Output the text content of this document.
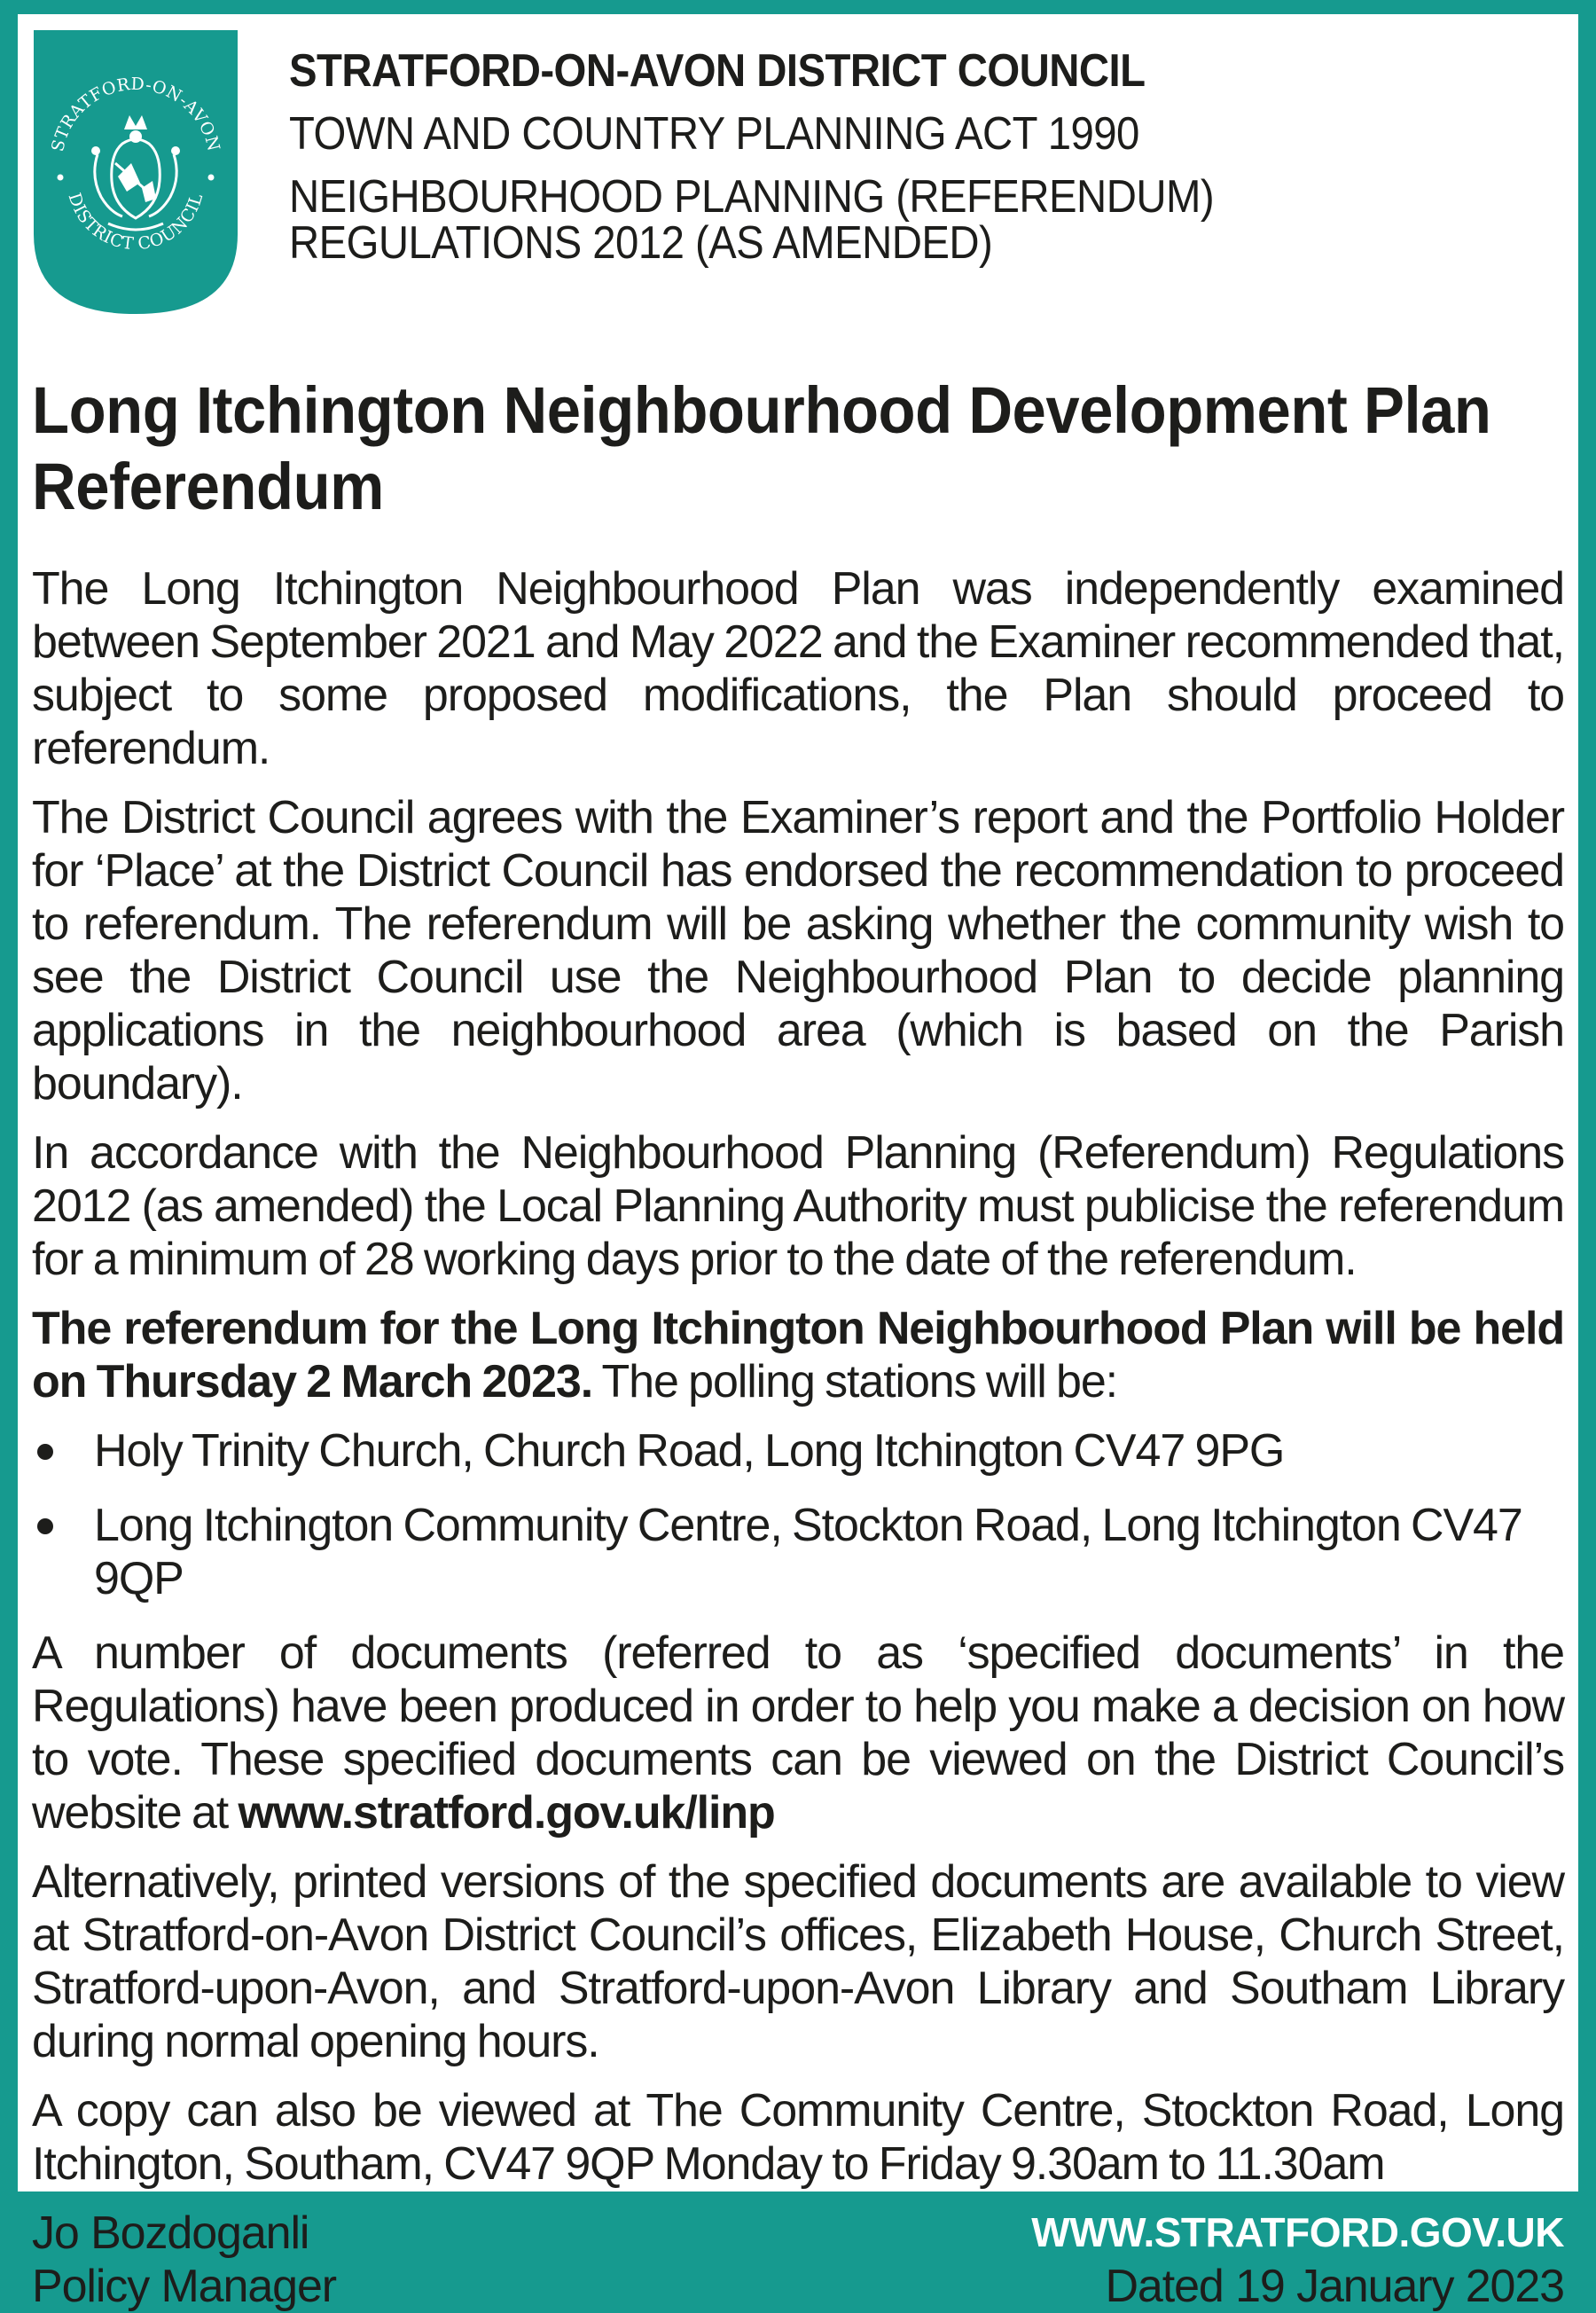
STRATFORD-ON-AVON
DISTRICT COUNCIL
STRATFORD-ON-AVON DISTRICT COUNCIL
TOWN AND COUNTRY PLANNING ACT 1990
NEIGHBOURHOOD PLANNING (REFERENDUM)
REGULATIONS 2012 (AS AMENDED)
Long Itchington Neighbourhood Development Plan Referendum

The Long Itchington Neighbourhood Plan was independently examined between September 2021 and May 2022 and the Examiner recommended that, subject to some proposed modifications, the Plan should proceed to referendum.

The District Council agrees with the Examiner’s report and the Portfolio Holder for ‘Place’ at the District Council has endorsed the recommendation to proceed to referendum. The referendum will be asking whether the community wish to see the District Council use the Neighbourhood Plan to decide planning applications in the neighbourhood area (which is based on the Parish boundary).

In accordance with the Neighbourhood Planning (Referendum) Regulations 2012 (as amended) the Local Planning Authority must publicise the referendum for a minimum of 28 working days prior to the date of the referendum.

The referendum for the Long Itchington Neighbourhood Plan will be held on Thursday 2 March 2023. The polling stations will be:

Holy Trinity Church, Church Road, Long Itchington CV47 9PG
Long Itchington Community Centre, Stockton Road, Long Itchington CV47 9QP

A number of documents (referred to as ‘specified documents’ in the Regulations) have been produced in order to help you make a decision on how to vote. These specified documents can be viewed on the District Council’s website at www.stratford.gov.uk/linp

Alternatively, printed versions of the specified documents are available to view at Stratford-on-Avon District Council’s offices, Elizabeth House, Church Street, Stratford-upon-Avon, and Stratford-upon-Avon Library and Southam Library during normal opening hours.

A copy can also be viewed at The Community Centre, Stockton Road, Long Itchington, Southam, CV47 9QP Monday to Friday 9.30am to 11.30am

Jo Bozdoganli
Policy Manager	Dated 19 January 2023
WWW.STRATFORD.GOV.UK
